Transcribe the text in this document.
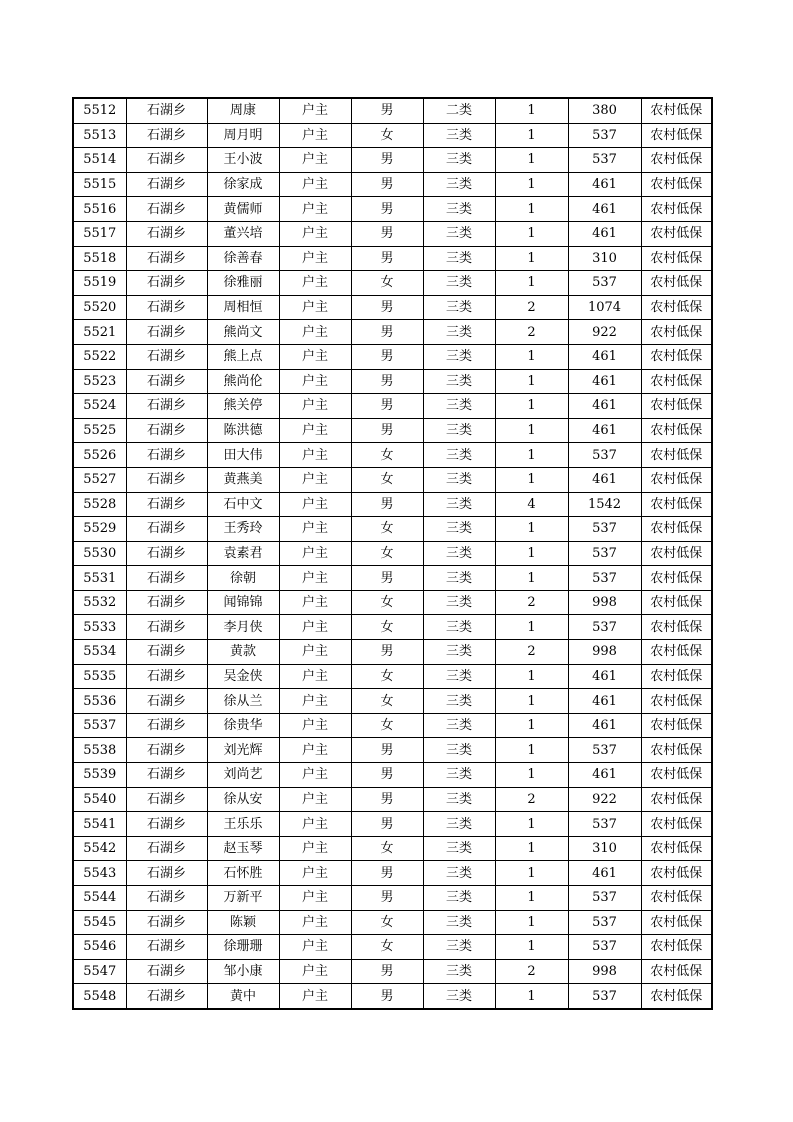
5512	石湖乡	周康	户主	男	二类	1	380	农村低保
5513	石湖乡	周月明	户主	女	三类	1	537	农村低保
5514	石湖乡	王小波	户主	男	三类	1	537	农村低保
5515	石湖乡	徐家成	户主	男	三类	1	461	农村低保
5516	石湖乡	黄儒师	户主	男	三类	1	461	农村低保
5517	石湖乡	董兴培	户主	男	三类	1	461	农村低保
5518	石湖乡	徐善春	户主	男	三类	1	310	农村低保
5519	石湖乡	徐雅丽	户主	女	三类	1	537	农村低保
5520	石湖乡	周相恒	户主	男	三类	2	1074	农村低保
5521	石湖乡	熊尚文	户主	男	三类	2	922	农村低保
5522	石湖乡	熊上点	户主	男	三类	1	461	农村低保
5523	石湖乡	熊尚伦	户主	男	三类	1	461	农村低保
5524	石湖乡	熊关停	户主	男	三类	1	461	农村低保
5525	石湖乡	陈洪德	户主	男	三类	1	461	农村低保
5526	石湖乡	田大伟	户主	女	三类	1	537	农村低保
5527	石湖乡	黄燕美	户主	女	三类	1	461	农村低保
5528	石湖乡	石中文	户主	男	三类	4	1542	农村低保
5529	石湖乡	王秀玲	户主	女	三类	1	537	农村低保
5530	石湖乡	袁素君	户主	女	三类	1	537	农村低保
5531	石湖乡	徐朝	户主	男	三类	1	537	农村低保
5532	石湖乡	闻锦锦	户主	女	三类	2	998	农村低保
5533	石湖乡	李月侠	户主	女	三类	1	537	农村低保
5534	石湖乡	黄款	户主	男	三类	2	998	农村低保
5535	石湖乡	吴金侠	户主	女	三类	1	461	农村低保
5536	石湖乡	徐从兰	户主	女	三类	1	461	农村低保
5537	石湖乡	徐贵华	户主	女	三类	1	461	农村低保
5538	石湖乡	刘光辉	户主	男	三类	1	537	农村低保
5539	石湖乡	刘尚艺	户主	男	三类	1	461	农村低保
5540	石湖乡	徐从安	户主	男	三类	2	922	农村低保
5541	石湖乡	王乐乐	户主	男	三类	1	537	农村低保
5542	石湖乡	赵玉琴	户主	女	三类	1	310	农村低保
5543	石湖乡	石怀胜	户主	男	三类	1	461	农村低保
5544	石湖乡	万新平	户主	男	三类	1	537	农村低保
5545	石湖乡	陈颖	户主	女	三类	1	537	农村低保
5546	石湖乡	徐珊珊	户主	女	三类	1	537	农村低保
5547	石湖乡	邹小康	户主	男	三类	2	998	农村低保
5548	石湖乡	黄中	户主	男	三类	1	537	农村低保
